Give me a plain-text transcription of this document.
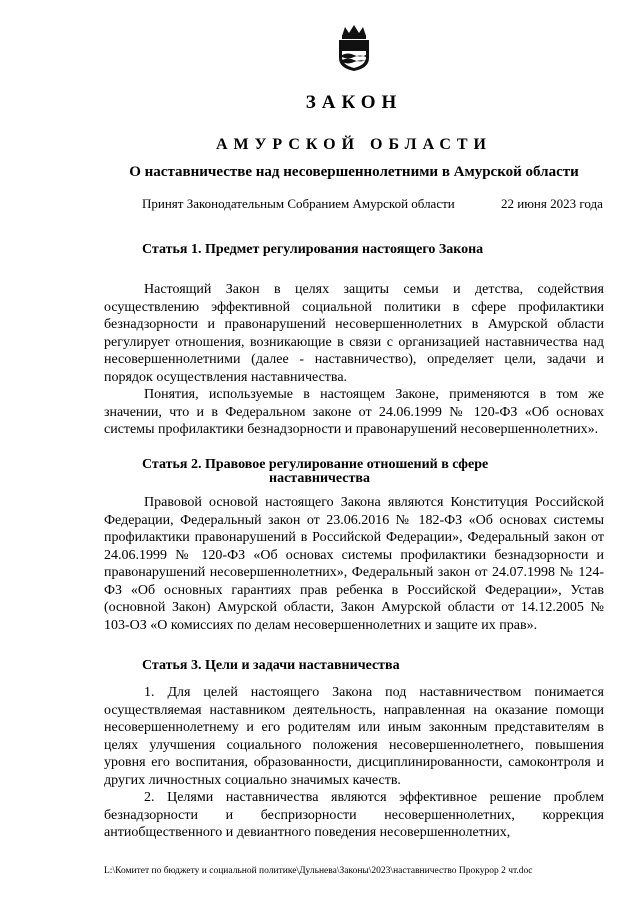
ЗАКОН
АМУРСКОЙ ОБЛАСТИ
О наставничестве над несовершеннолетними в Амурской области
Принят Законодательным Собранием Амурской области	22 июня 2023 года
Статья 1. Предмет регулирования настоящего Закона

Настоящий Закон в целях защиты семьи и детства, содействия осуществлению эффективной социальной политики в сфере профилактики безнадзорности и правонарушений несовершеннолетних в Амурской области регулирует отношения, возникающие в связи с организацией наставничества над несовершеннолетними (далее - наставничество), определяет цели, задачи и порядок осуществления наставничества.

Понятия, используемые в настоящем Законе, применяются в том же значении, что и в Федеральном законе от 24.06.1999 № 120-ФЗ «Об основах системы профилактики безнадзорности и правонарушений несовершеннолетних».

Статья 2. Правовое регулирование отношений в сфере
наставничества

Правовой основой настоящего Закона являются Конституция Российской Федерации, Федеральный закон от 23.06.2016 № 182-ФЗ «Об основах системы профилактики правонарушений в Российской Федерации», Федеральный закон от 24.06.1999 № 120-ФЗ «Об основах системы профилактики безнадзорности и правонарушений несовершеннолетних», Федеральный закон от 24.07.1998 № 124-ФЗ «Об основных гарантиях прав ребенка в Российской Федерации», Устав (основной Закон) Амурской области, Закон Амурской области от 14.12.2005 № 103-ОЗ «О комиссиях по делам несовершеннолетних и защите их прав».

Статья 3. Цели и задачи наставничества

1. Для целей настоящего Закона под наставничеством понимается осуществляемая наставником деятельность, направленная на оказание помощи несовершеннолетнему и его родителям или иным законным представителям в целях улучшения социального положения несовершеннолетнего, повышения уровня его воспитания, образованности, дисциплинированности, самоконтроля и других личностных социально значимых качеств.

2. Целями наставничества являются эффективное решение проблем безнадзорности и беспризорности несовершеннолетних, коррекция антиобщественного и девиантного поведения несовершеннолетних,

L:\Комитет по бюджету и социальной политике\Дульнева\Законы\2023\наставничество Прокурор 2 чт.doc
